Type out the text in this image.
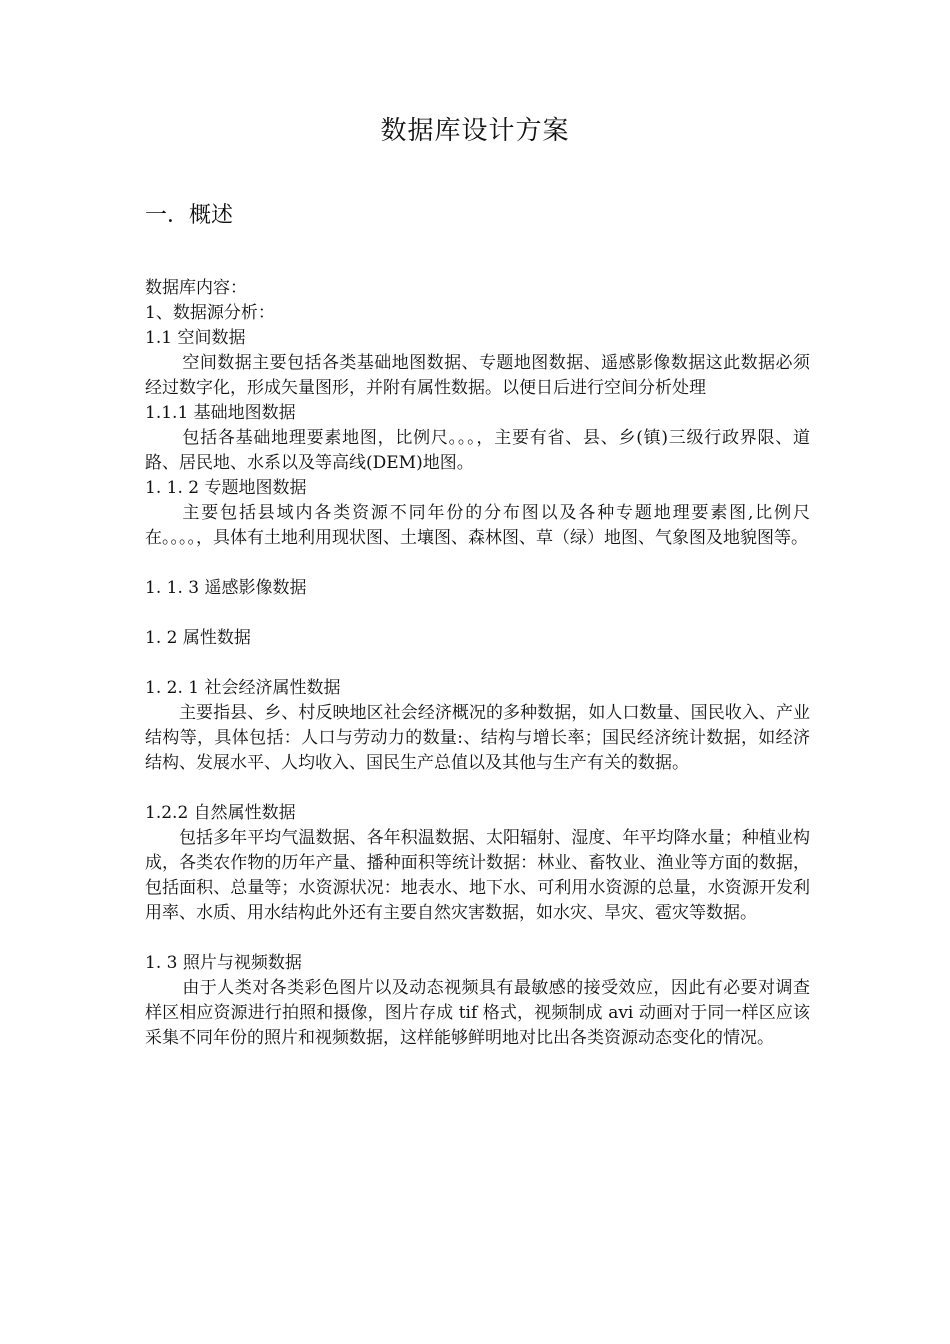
数据库设计方案
一．概述

数据库内容：

1、数据源分析：

1.1 空间数据

空间数据主要包括各类基础地图数据、专题地图数据、遥感影像数据这此数据必须经过数字化，形成矢量图形，并附有属性数据。以便日后进行空间分析处理

1.1.1 基础地图数据

包括各基础地理要素地图，比例尺。。。，主要有省、县、乡(镇)三级行政界限、道路、居民地、水系以及等高线(DEM)地图。

1. 1. 2 专题地图数据

主要包括县域内各类资源不同年份的分布图以及各种专题地理要素图,比例尺在。。。。，具体有土地利用现状图、土壤图、森林图、草（绿）地图、气象图及地貌图等。

1. 1. 3 遥感影像数据

1. 2 属性数据

1. 2. 1 社会经济属性数据

主要指县、乡、村反映地区社会经济概况的多种数据，如人口数量、国民收入、产业结构等，具体包括：人口与劳动力的数量:、结构与增长率；国民经济统计数据，如经济结构、发展水平、人均收入、国民生产总值以及其他与生产有关的数据。

1.2.2 自然属性数据

包括多年平均气温数据、各年积温数据、太阳辐射、湿度、年平均降水量；种植业构成，各类农作物的历年产量、播种面积等统计数据：林业、畜牧业、渔业等方面的数据，包括面积、总量等；水资源状况：地表水、地下水、可利用水资源的总量，水资源开发利用率、水质、用水结构此外还有主要自然灾害数据，如水灾、旱灾、雹灾等数据。

1. 3 照片与视频数据

由于人类对各类彩色图片以及动态视频具有最敏感的接受效应，因此有必要对调查样区相应资源进行拍照和摄像，图片存成 tif 格式，视频制成 avi 动画对于同一样区应该采集不同年份的照片和视频数据，这样能够鲜明地对比出各类资源动态变化的情况。
